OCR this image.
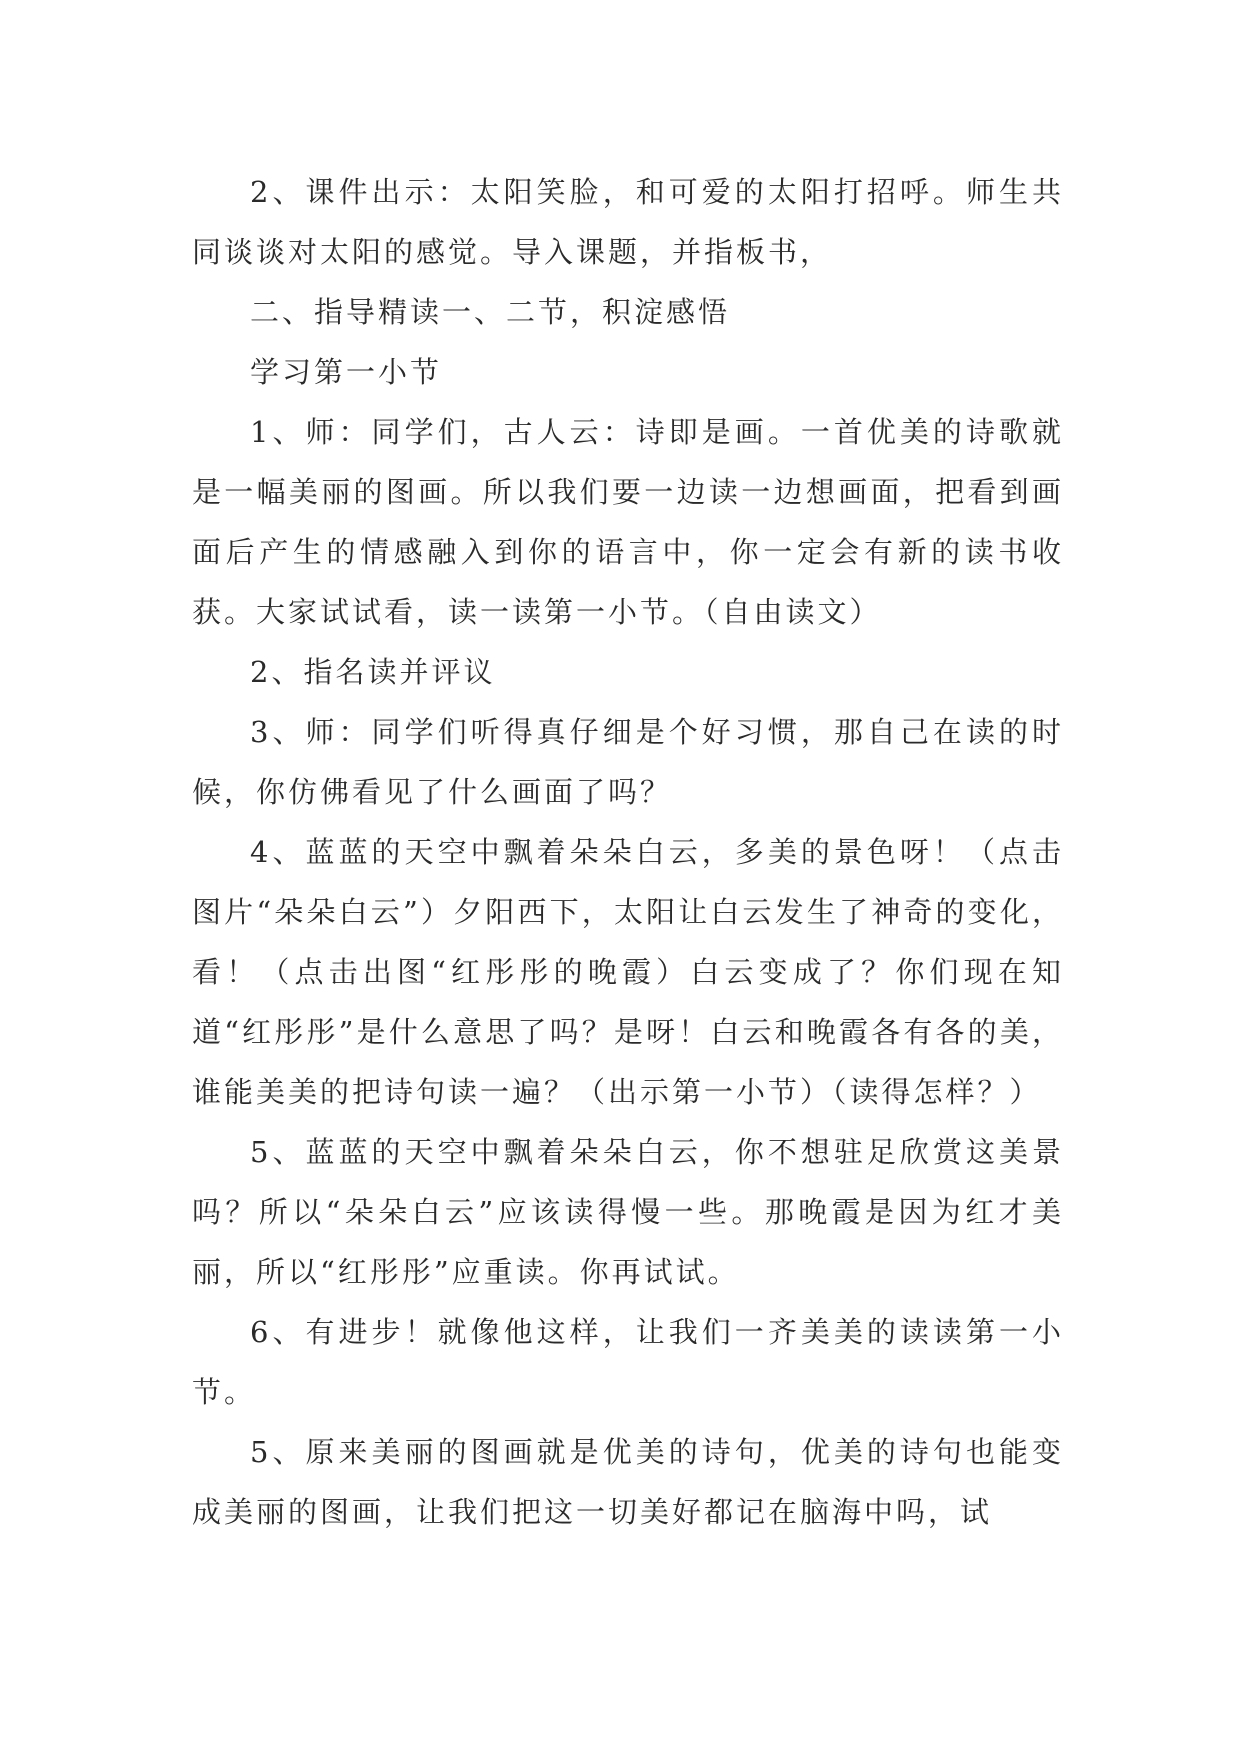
2、课件出示：太阳笑脸，和可爱的太阳打招呼。师生共同谈谈对太阳的感觉。导入课题，并指板书，

二、指导精读一、二节，积淀感悟

学习第一小节

1、师：同学们，古人云：诗即是画。一首优美的诗歌就是一幅美丽的图画。所以我们要一边读一边想画面，把看到画面后产生的情感融入到你的语言中，你一定会有新的读书收获。大家试试看，读一读第一小节。（自由读文）

2、指名读并评议

3、师：同学们听得真仔细是个好习惯，那自己在读的时候，你仿佛看见了什么画面了吗？

4、蓝蓝的天空中飘着朵朵白云，多美的景色呀！（点击图片“朵朵白云”）夕阳西下，太阳让白云发生了神奇的变化，看！（点击出图“红彤彤的晚霞）白云变成了？你们现在知道“红彤彤”是什么意思了吗？是呀！白云和晚霞各有各的美，谁能美美的把诗句读一遍？（出示第一小节）（读得怎样？）

5、蓝蓝的天空中飘着朵朵白云，你不想驻足欣赏这美景吗？所以“朵朵白云”应该读得慢一些。那晚霞是因为红才美丽，所以“红彤彤”应重读。你再试试。

6、有进步！就像他这样，让我们一齐美美的读读第一小节。

5、原来美丽的图画就是优美的诗句，优美的诗句也能变成美丽的图画，让我们把这一切美好都记在脑海中吗，试
